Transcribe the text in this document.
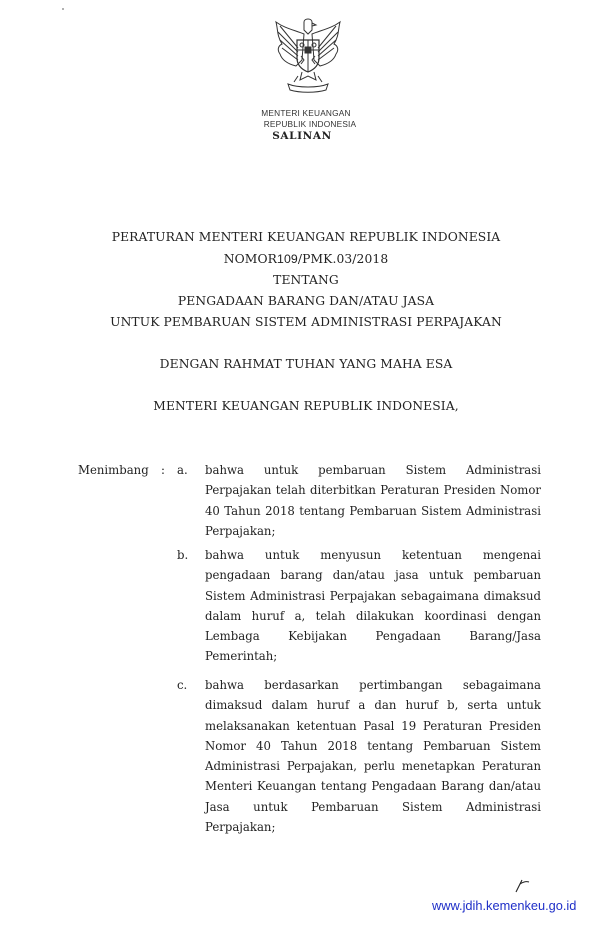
MENTERI KEUANGAN
REPUBLIK INDONESIA
SALINAN
PERATURAN MENTERI KEUANGAN REPUBLIK INDONESIA
NOMOR109/PMK.03/2018
TENTANG
PENGADAAN BARANG DAN/ATAU JASA
UNTUK PEMBARUAN SISTEM ADMINISTRASI PERPAJAKAN
DENGAN RAHMAT TUHAN YANG MAHA ESA
MENTERI KEUANGAN REPUBLIK INDONESIA,
Menimbang : a. bahwa untuk pembaruan Sistem Administrasi
Perpajakan telah diterbitkan Peraturan Presiden Nomor
40 Tahun 2018 tentang Pembaruan Sistem Administrasi
Perpajakan;
b. bahwa untuk menyusun ketentuan mengenai
pengadaan barang dan/atau jasa untuk pembaruan
Sistem Administrasi Perpajakan sebagaimana dimaksud
dalam huruf a, telah dilakukan koordinasi dengan
Lembaga Kebijakan Pengadaan Barang/Jasa
Pemerintah;
c. bahwa berdasarkan pertimbangan sebagaimana
dimaksud dalam huruf a dan huruf b, serta untuk
melaksanakan ketentuan Pasal 19 Peraturan Presiden
Nomor 40 Tahun 2018 tentang Pembaruan Sistem
Administrasi Perpajakan, perlu menetapkan Peraturan
Menteri Keuangan tentang Pengadaan Barang dan/atau
Jasa untuk Pembaruan Sistem Administrasi
Perpajakan;
www.jdih.kemenkeu.go.id
